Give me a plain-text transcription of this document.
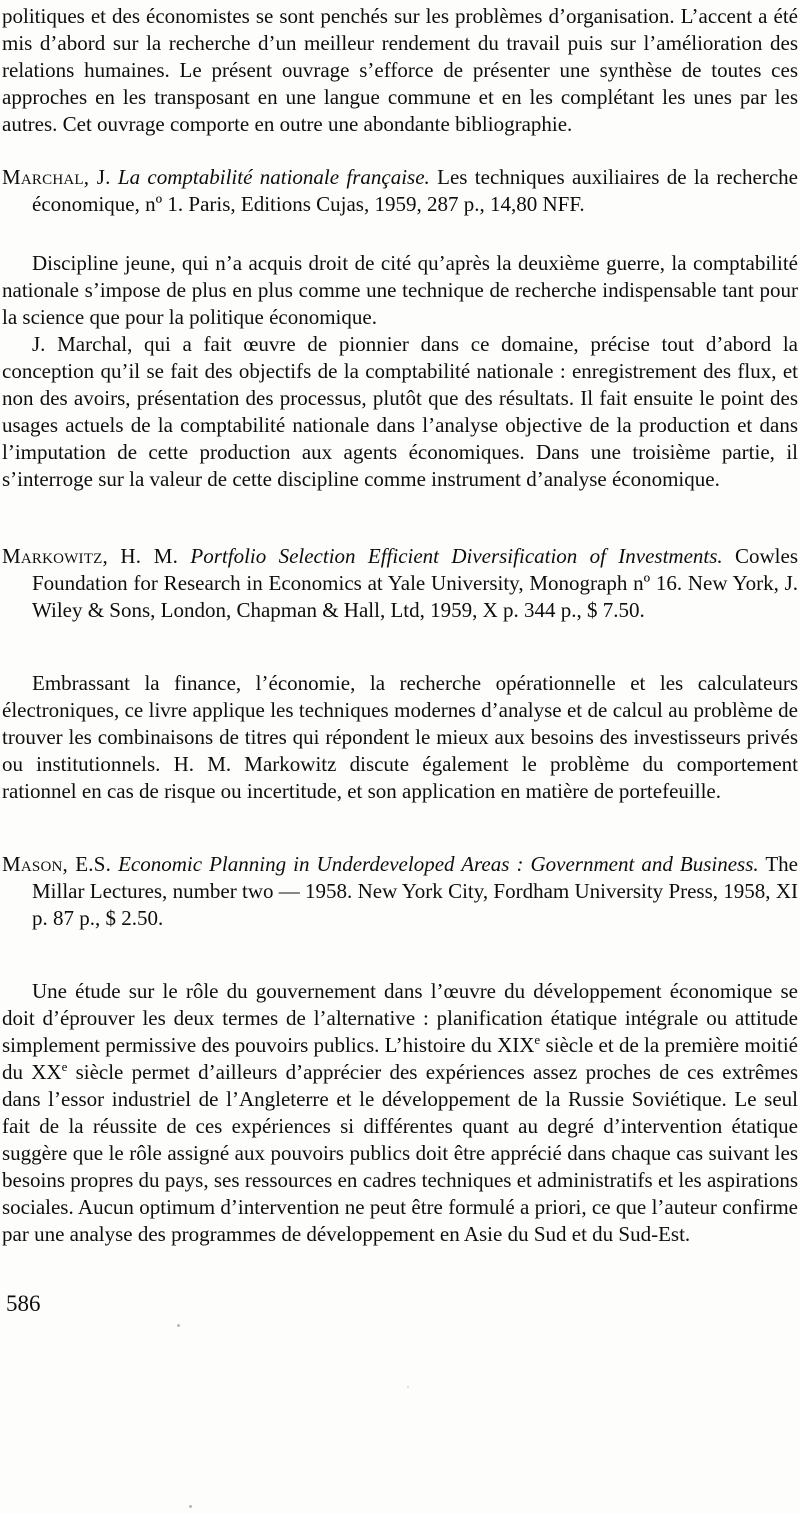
politiques et des économistes se sont penchés sur les problèmes d’organisation. L’accent a été mis d’abord sur la recherche d’un meilleur rendement du travail puis sur l’amélioration des relations humaines. Le présent ouvrage s’efforce de présenter une synthèse de toutes ces approches en les transposant en une langue commune et en les complétant les unes par les autres. Cet ouvrage comporte en outre une abondante bibliographie.

Marchal, J. La comptabilité nationale française. Les techniques auxiliaires de la recherche économique, nº 1. Paris, Editions Cujas, 1959, 287 p., 14,80 NFF.

Discipline jeune, qui n’a acquis droit de cité qu’après la deuxième guerre, la comptabilité nationale s’impose de plus en plus comme une technique de recherche indispensable tant pour la science que pour la politique économique.

J. Marchal, qui a fait œuvre de pionnier dans ce domaine, précise tout d’abord la conception qu’il se fait des objectifs de la comptabilité nationale : enregistrement des flux, et non des avoirs, présentation des processus, plutôt que des résultats. Il fait ensuite le point des usages actuels de la comptabilité nationale dans l’analyse objective de la production et dans l’imputation de cette production aux agents économiques. Dans une troisième partie, il s’interroge sur la valeur de cette discipline comme instrument d’analyse économique.

Markowitz, H. M. Portfolio Selection Efficient Diversification of Investments. Cowles Foundation for Research in Economics at Yale University, Monograph nº 16. New York, J. Wiley & Sons, London, Chapman & Hall, Ltd, 1959, X p. 344 p., $ 7.50.

Embrassant la finance, l’économie, la recherche opérationnelle et les calculateurs électroniques, ce livre applique les techniques modernes d’analyse et de calcul au problème de trouver les combinaisons de titres qui répondent le mieux aux besoins des investisseurs privés ou institutionnels. H. M. Markowitz discute également le problème du comportement rationnel en cas de risque ou incertitude, et son application en matière de portefeuille.

Mason, E.S. Economic Planning in Underdeveloped Areas : Government and Business. The Millar Lectures, number two — 1958. New York City, Fordham University Press, 1958, XI p. 87 p., $ 2.50.

Une étude sur le rôle du gouvernement dans l’œuvre du développement économique se doit d’éprouver les deux termes de l’alternative : planification étatique intégrale ou attitude simplement permissive des pouvoirs publics. L’histoire du XIXe siècle et de la première moitié du XXe siècle permet d’ailleurs d’apprécier des expériences assez proches de ces extrêmes dans l’essor industriel de l’Angleterre et le développement de la Russie Soviétique. Le seul fait de la réussite de ces expériences si différentes quant au degré d’intervention étatique suggère que le rôle assigné aux pouvoirs publics doit être apprécié dans chaque cas suivant les besoins propres du pays, ses ressources en cadres techniques et administratifs et les aspirations sociales. Aucun optimum d’intervention ne peut être formulé a priori, ce que l’auteur confirme par une analyse des programmes de développement en Asie du Sud et du Sud-Est.

586
